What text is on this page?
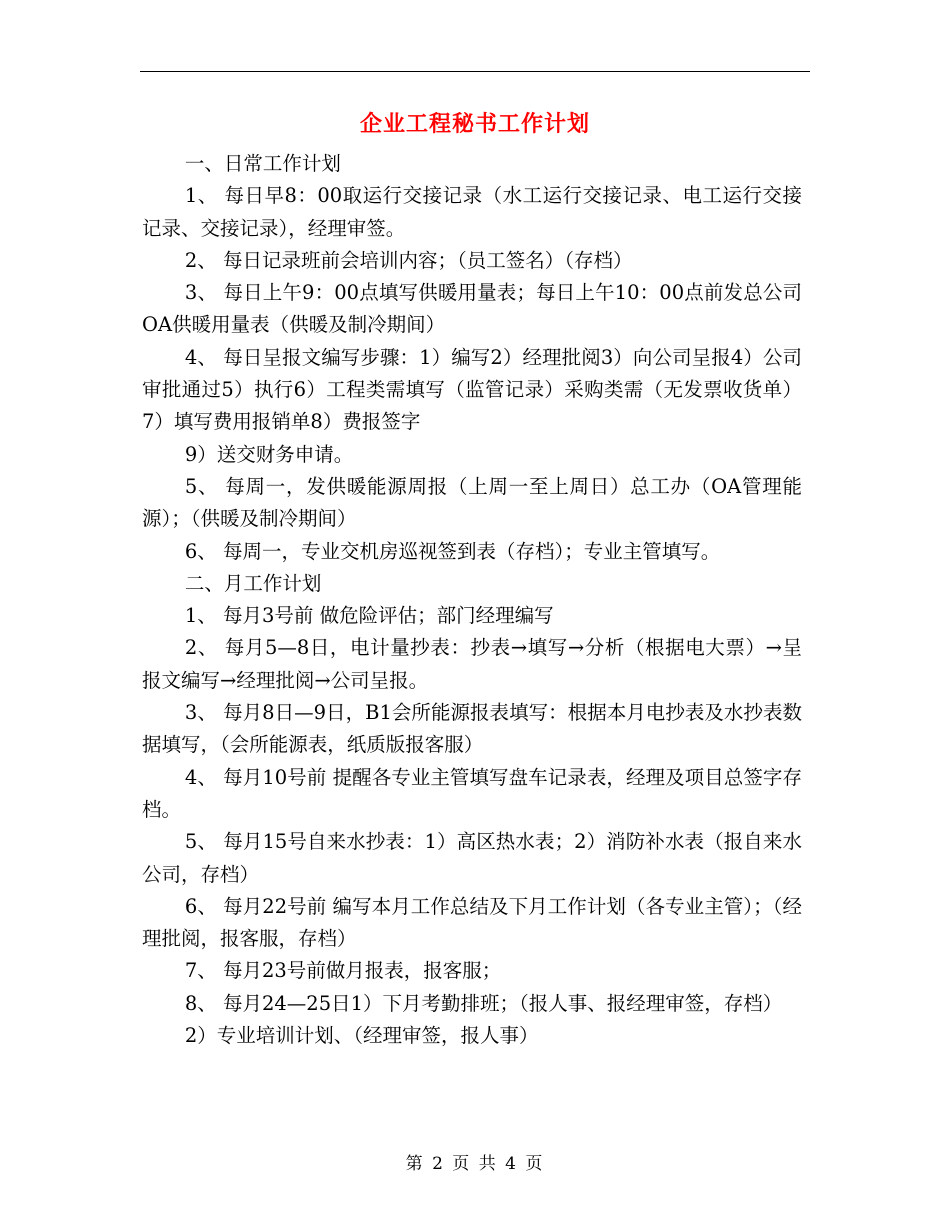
企业工程秘书工作计划

一、日常工作计划

1、 每日早8：00取运行交接记录（水工运行交接记录、电工运行交接记录、交接记录），经理审签。

2、 每日记录班前会培训内容；（员工签名）（存档）

3、 每日上午9：00点填写供暖用量表；每日上午10：00点前发总公司OA供暖用量表（供暖及制冷期间）

4、 每日呈报文编写步骤：1）编写2）经理批阅3）向公司呈报4）公司审批通过5）执行6）工程类需填写（监管记录）采购类需（无发票收货单）7）填写费用报销单8）费报签字

9）送交财务申请。

5、 每周一，发供暖能源周报（上周一至上周日）总工办（OA管理能源）；（供暖及制冷期间）

6、 每周一，专业交机房巡视签到表（存档）；专业主管填写。

二、月工作计划

1、 每月3号前 做危险评估；部门经理编写

2、 每月5—8日，电计量抄表：抄表→填写→分析（根据电大票）→呈报文编写→经理批阅→公司呈报。

3、 每月8日—9日，B1会所能源报表填写：根据本月电抄表及水抄表数据填写，（会所能源表，纸质版报客服）

4、 每月10号前 提醒各专业主管填写盘车记录表，经理及项目总签字存档。

5、 每月15号自来水抄表：1）高区热水表；2）消防补水表（报自来水公司，存档）

6、 每月22号前 编写本月工作总结及下月工作计划（各专业主管）；（经理批阅，报客服，存档）

7、 每月23号前做月报表，报客服；

8、 每月24—25日1）下月考勤排班；（报人事、报经理审签，存档）

2）专业培训计划、（经理审签，报人事）

第 2 页 共 4 页
